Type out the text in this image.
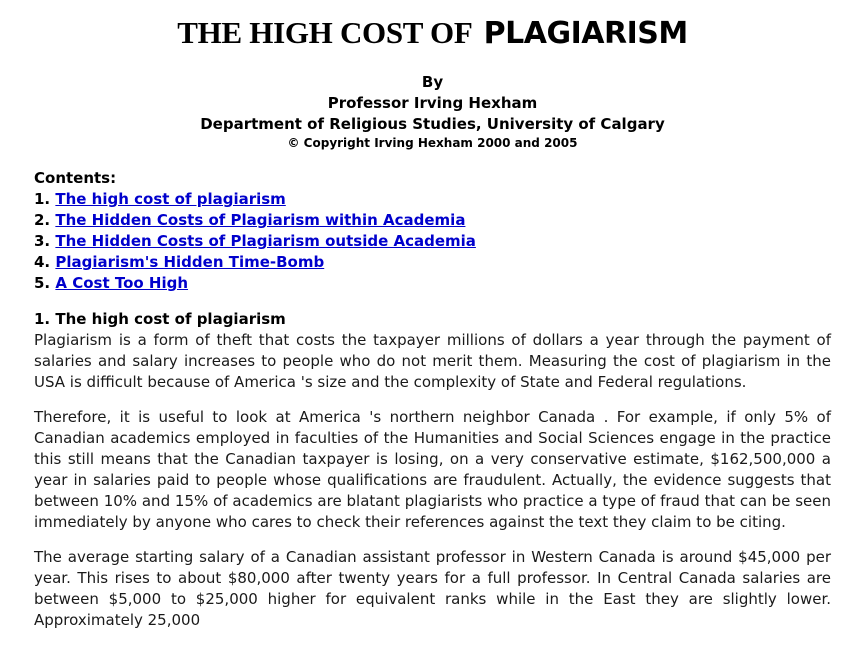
THE HIGH COST OF PLAGIARISM
By
Professor Irving Hexham
Department of Religious Studies, University of Calgary
© Copyright Irving Hexham 2000 and 2005
Contents:
1. The high cost of plagiarism
2. The Hidden Costs of Plagiarism within Academia
3. The Hidden Costs of Plagiarism outside Academia
4. Plagiarism's Hidden Time-Bomb
5. A Cost Too High
1. The high cost of plagiarism

Plagiarism is a form of theft that costs the taxpayer millions of dollars a year through the payment of salaries and salary increases to people who do not merit them. Measuring the cost of plagiarism in the USA is difficult because of America 's size and the complexity of State and Federal regulations.

Therefore, it is useful to look at America 's northern neighbor Canada . For example, if only 5% of Canadian academics employed in faculties of the Humanities and Social Sciences engage in the practice this still means that the Canadian taxpayer is losing, on a very conservative estimate, $162,500,000 a year in salaries paid to people whose qualifications are fraudulent. Actually, the evidence suggests that between 10% and 15% of academics are blatant plagiarists who practice a type of fraud that can be seen immediately by anyone who cares to check their references against the text they claim to be citing.

The average starting salary of a Canadian assistant professor in Western Canada is around $45,000 per year. This rises to about $80,000 after twenty years for a full professor. In Central Canada salaries are between $5,000 to $25,000 higher for equivalent ranks while in the East they are slightly lower. Approximately 25,000
